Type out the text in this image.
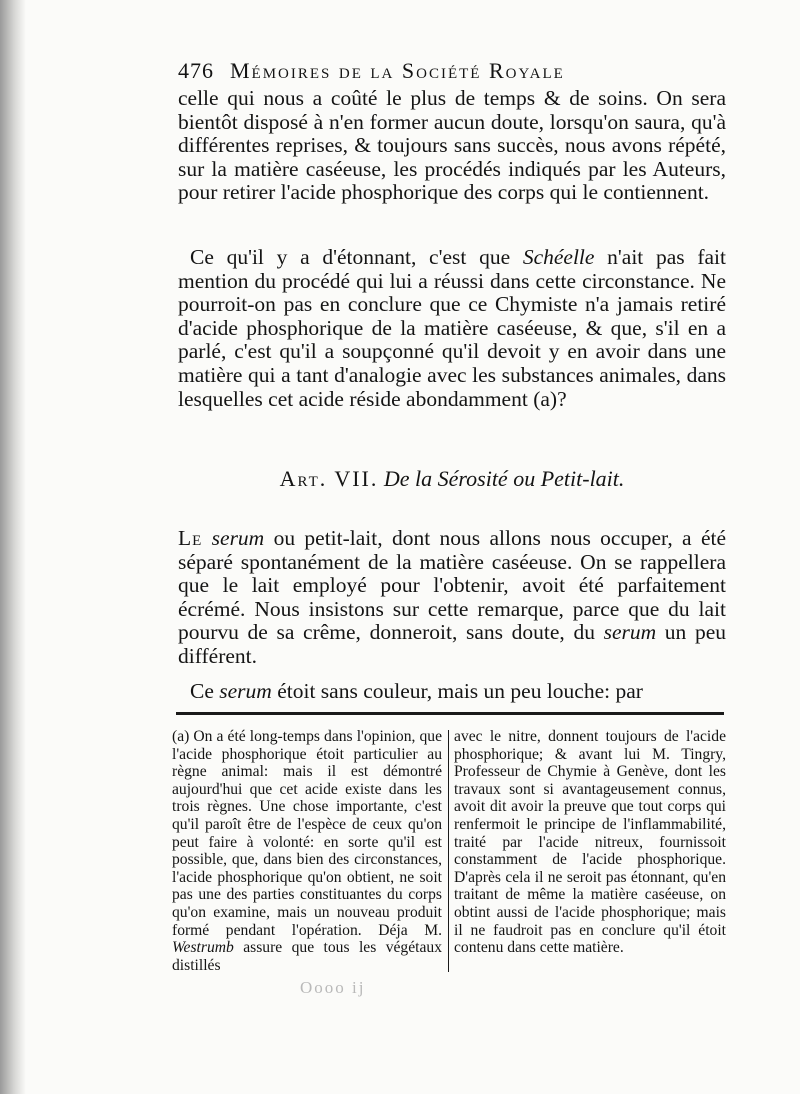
476 Mémoires de la Société Royale

celle qui nous a coûté le plus de temps & de soins. On sera bientôt disposé à n'en former aucun doute, lorsqu'on saura, qu'à différentes reprises, & toujours sans succès, nous avons répété, sur la matière caséeuse, les procédés indiqués par les Auteurs, pour retirer l'acide phosphorique des corps qui le contiennent.

Ce qu'il y a d'étonnant, c'est que Schéelle n'ait pas fait mention du procédé qui lui a réussi dans cette circonstance. Ne pourroit-on pas en conclure que ce Chymiste n'a jamais retiré d'acide phosphorique de la matière caséeuse, & que, s'il en a parlé, c'est qu'il a soupçonné qu'il devoit y en avoir dans une matière qui a tant d'analogie avec les substances animales, dans lesquelles cet acide réside abondamment (a)?

Art. VII. De la Sérosité ou Petit-lait.

Le serum ou petit-lait, dont nous allons nous occuper, a été séparé spontanément de la matière caséeuse. On se rappellera que le lait employé pour l'obtenir, avoit été parfaitement écrémé. Nous insistons sur cette remarque, parce que du lait pourvu de sa crême, donneroit, sans doute, du serum un peu différent.

Ce serum étoit sans couleur, mais un peu louche: par

(a) On a été long-temps dans l'opinion, que l'acide phosphorique étoit particulier au règne animal: mais il est démontré aujourd'hui que cet acide existe dans les trois règnes. Une chose importante, c'est qu'il paroît être de l'espèce de ceux qu'on peut faire à volonté: en sorte qu'il est possible, que, dans bien des circonstances, l'acide phosphorique qu'on obtient, ne soit pas une des parties constituantes du corps qu'on examine, mais un nouveau produit formé pendant l'opération. Déja M. Westrumb assure que tous les végétaux distillés

avec le nitre, donnent toujours de l'acide phosphorique; & avant lui M. Tingry, Professeur de Chymie à Genève, dont les travaux sont si avantageusement connus, avoit dit avoir la preuve que tout corps qui renfermoit le principe de l'inflammabilité, traité par l'acide nitreux, fournissoit constamment de l'acide phosphorique. D'après cela il ne seroit pas étonnant, qu'en traitant de même la matière caséeuse, on obtint aussi de l'acide phosphorique; mais il ne faudroit pas en conclure qu'il étoit contenu dans cette matière.

Oooo ij
